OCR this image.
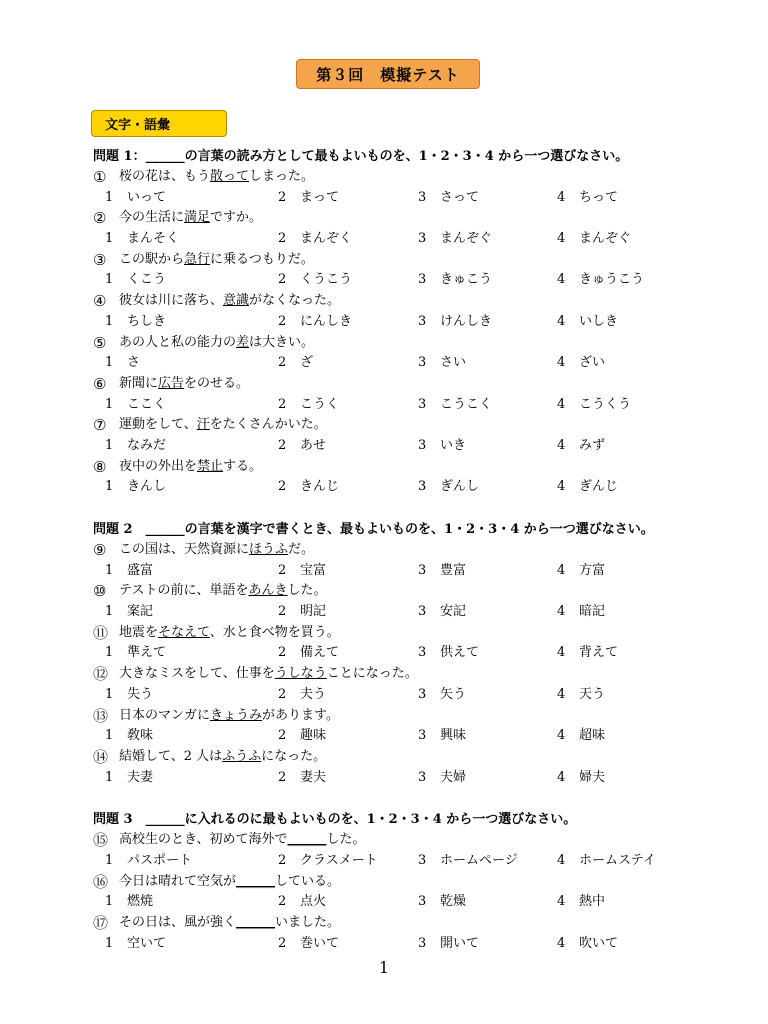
第３回　模擬テスト
文字・語彙
問題 1：______の言葉の読み方として最もよいものを、1・2・3・4 から一つ選びなさい。
① 桜の花は、もう散ってしまった。
1 いって	2 まって	3 さって	4 ちって
② 今の生活に満足ですか。
1 まんそく	2 まんぞく	3 まんぞぐ	4 まんぞぐ
③ この駅から急行に乗るつもりだ。
1 くこう	2 くうこう	3 きゅこう	4 きゅうこう
④ 彼女は川に落ち、意識がなくなった。
1 ちしき	2 にんしき	3 けんしき	4 いしき
⑤ あの人と私の能力の差は大きい。
1 さ	2 ざ	3 さい	4 ざい
⑥ 新聞に広告をのせる。
1 ここく	2 こうく	3 こうこく	4 こうくう
⑦ 運動をして、汗をたくさんかいた。
1 なみだ	2 あせ	3 いき	4 みず
⑧ 夜中の外出を禁止する。
1 きんし	2 きんじ	3 ぎんし	4 ぎんじ
問題 2　______の言葉を漢字で書くとき、最もよいものを、1・2・3・4 から一つ選びなさい。
⑨ この国は、天然資源にほうふだ。
1 盛富	2 宝富	3 豊富	4 方富
⑩ テストの前に、単語をあんきした。
1 案記	2 明記	3 安記	4 暗記
⑪ 地震をそなえて、水と食べ物を買う。
1 準えて	2 備えて	3 供えて	4 背えて
⑫ 大きなミスをして、仕事をうしなうことになった。
1 失う	2 夫う	3 矢う	4 天う
⑬ 日本のマンガにきょうみがあります。
1 敎味	2 趣味	3 興味	4 超味
⑭ 結婚して、2 人はふうふになった。
1 夫妻	2 妻夫	3 夫婦	4 婦夫
問題 3　______に入れるのに最もよいものを、1・2・3・4 から一つ選びなさい。
⑮ 高校生のとき、初めて海外で______した。
1 パスポート	2 クラスメート	3 ホームページ	4 ホームステイ
⑯ 今日は晴れて空気が______している。
1 燃焼	2 点火	3 乾燥	4 熱中
⑰ その日は、風が強く______いました。
1 空いて	2 巻いて	3 開いて	4 吹いて
1
